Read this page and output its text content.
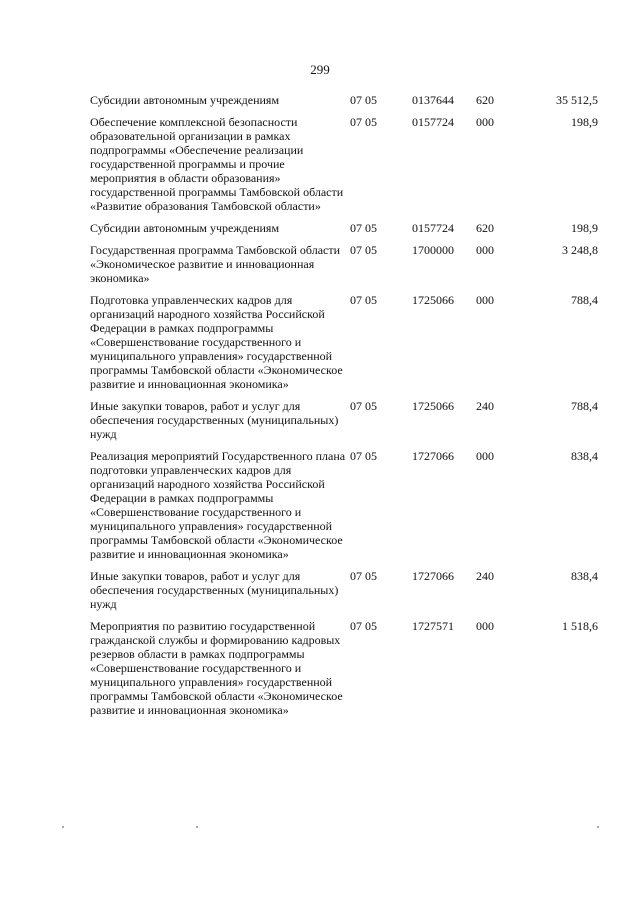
299
Субсидии автономным учреждениям	07 05	0137644	620	35 512,5
Обеспечение комплексной безопасности образовательной организации в рамках подпрограммы «Обеспечение реализации государственной программы и прочие мероприятия в области образования» государственной программы Тамбовской области «Развитие образования Тамбовской области»	07 05	0157724	000	198,9
Субсидии автономным учреждениям	07 05	0157724	620	198,9
Государственная программа Тамбовской области «Экономическое развитие и инновационная экономика»	07 05	1700000	000	3 248,8
Подготовка управленческих кадров для организаций народного хозяйства Российской Федерации в рамках подпрограммы «Совершенствование государственного и муниципального управления» государственной программы Тамбовской области «Экономическое развитие и инновационная экономика»	07 05	1725066	000	788,4
Иные закупки товаров, работ и услуг для обеспечения государственных (муниципальных) нужд	07 05	1725066	240	788,4
Реализация мероприятий Государственного плана подготовки управленческих кадров для организаций народного хозяйства Российской Федерации в рамках подпрограммы «Совершенствование государственного и муниципального управления» государственной программы Тамбовской области «Экономическое развитие и инновационная экономика»	07 05	1727066	000	838,4
Иные закупки товаров, работ и услуг для обеспечения государственных (муниципальных) нужд	07 05	1727066	240	838,4
Мероприятия по развитию государственной гражданской службы и формированию кадровых резервов области в рамках подпрограммы «Совершенствование государственного и муниципального управления» государственной программы Тамбовской области «Экономическое развитие и инновационная экономика»	07 05	1727571	000	1 518,6
